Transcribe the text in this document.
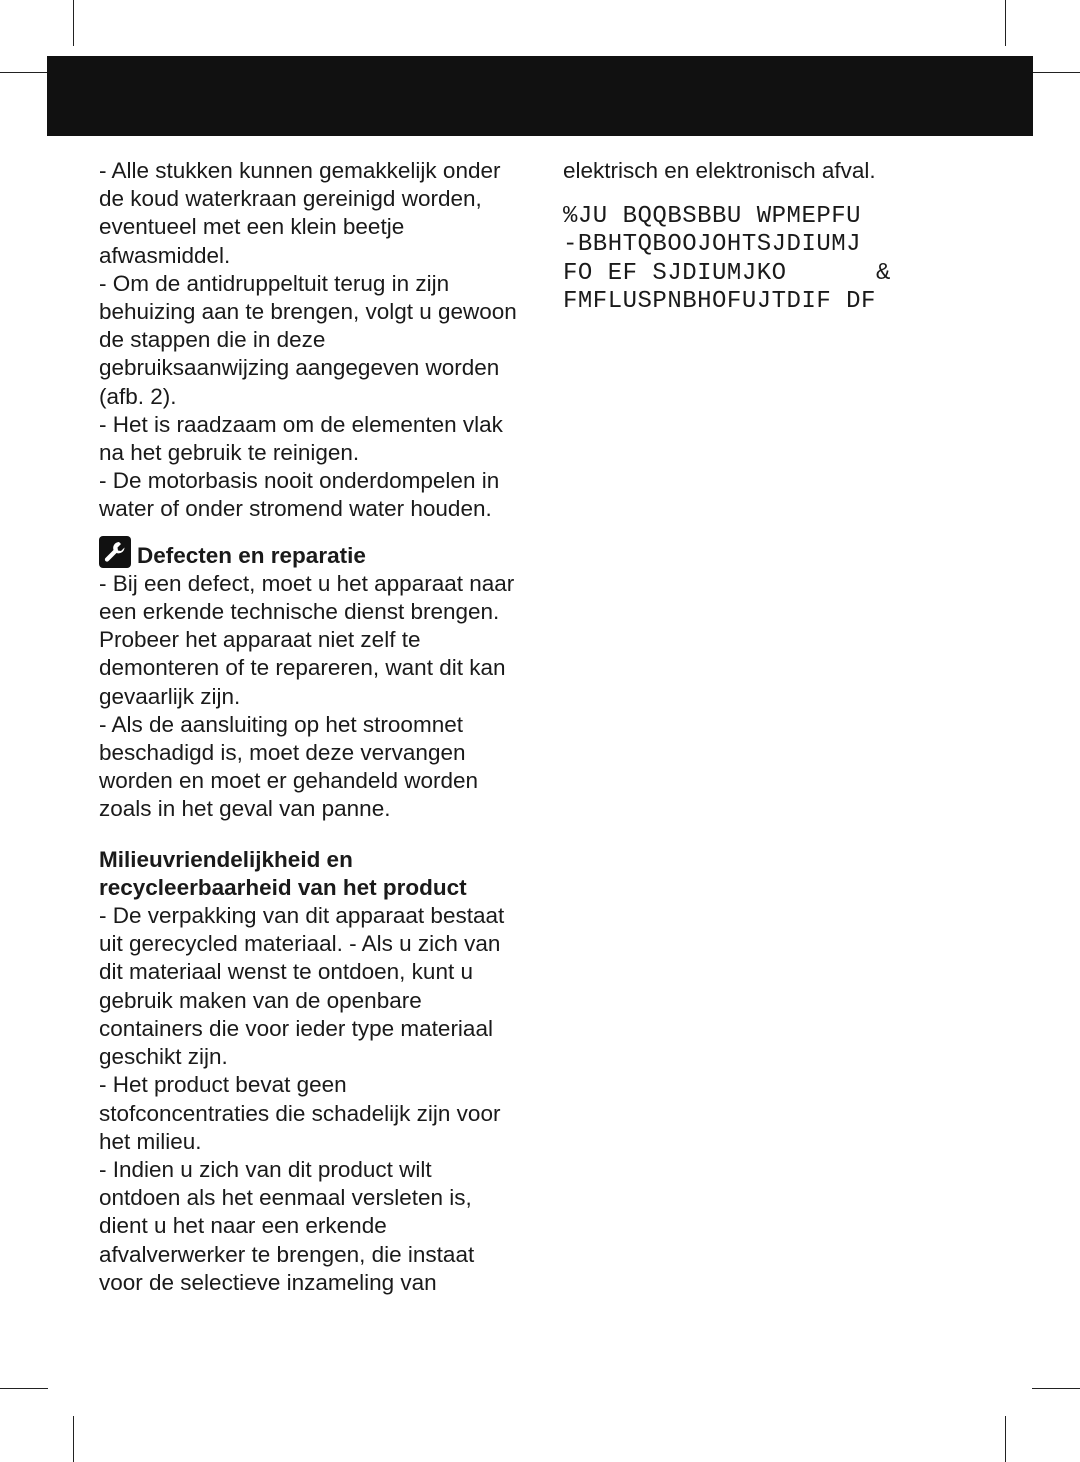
- Alle stukken kunnen gemakkelijk onder de koud waterkraan gereinigd worden, eventueel met een klein beetje afwasmiddel.

- Om de antidruppeltuit terug in zijn behuizing aan te brengen, volgt u gewoon de stappen die in deze gebruiksaanwijzing aangegeven worden (afb. 2).

- Het is raadzaam om de elementen vlak na het gebruik te reinigen.

- De motorbasis nooit onderdompelen in water of onder stromend water houden.

Defecten en reparatie

- Bij een defect, moet u het apparaat naar een erkende technische dienst brengen. Probeer het apparaat niet zelf te demonteren of te repareren, want dit kan gevaarlijk zijn.

- Als de aansluiting op het stroomnet beschadigd is, moet deze vervangen worden en moet er gehandeld worden zoals in het geval van panne.

Milieuvriendelijkheid en

recycleerbaarheid van het product

- De verpakking van dit apparaat bestaat uit gerecycled materiaal. - Als u zich van dit materiaal wenst te ontdoen, kunt u gebruik maken van de openbare containers die voor ieder type materiaal geschikt zijn.

- Het product bevat geen stofconcentraties die schadelijk zijn voor het milieu.

- Indien u zich van dit product wilt ontdoen als het eenmaal versleten is, dient u het naar een erkende afvalverwerker te brengen, die instaat voor de selectieve inzameling van

elektrisch en elektronisch afval.

%JU BQQBSBBU WPMEPFU

-BBHTQBOOJOHTSJDIUMJ

FO EF SJDIUMJKO      &

FMFLUSPNBHOFUJTDIF DF
